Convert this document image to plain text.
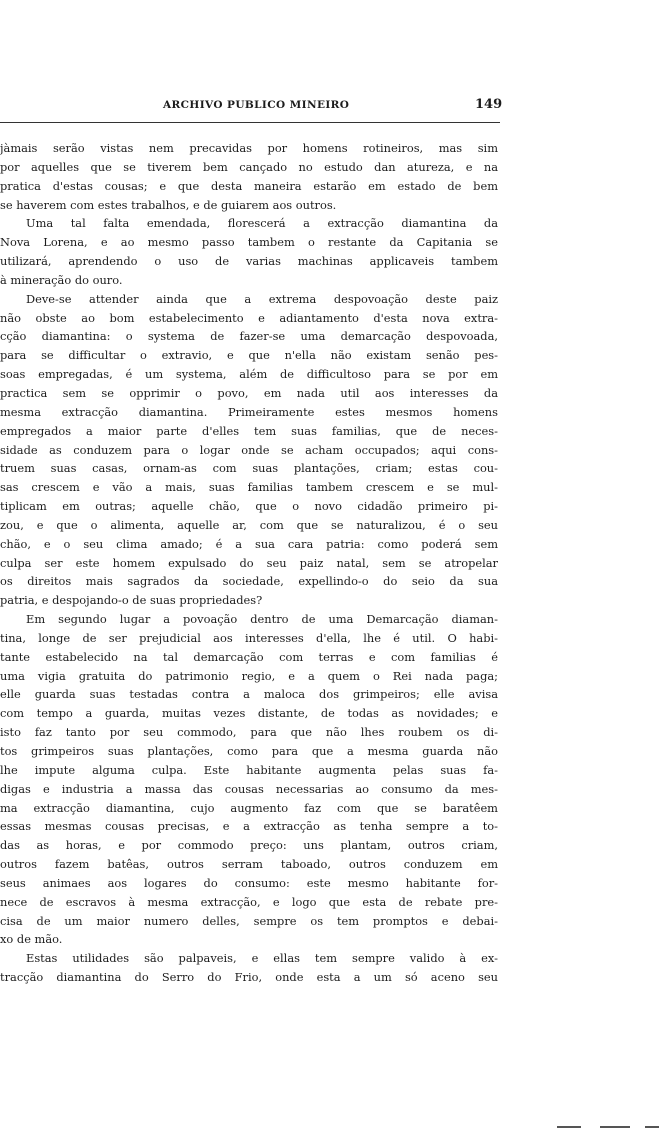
ARCHIVO PUBLICO MINEIRO	149
jàmais serão vistas nem precavidas por homens rotineiros, mas sim
por aquelles que se tiverem bem cançado no estudo dan atureza, e na
pratica d'estas cousas; e que desta maneira estarão em estado de bem
se haverem com estes trabalhos, e de guiarem aos outros.
Uma tal falta emendada, florescerá a extracção diamantina da
Nova Lorena, e ao mesmo passo tambem o restante da Capitania se
utilizará, aprendendo o uso de varias machinas applicaveis tambem
à mineração do ouro.
Deve-se attender ainda que a extrema despovoação deste paiz
não obste ao bom estabelecimento e adiantamento d'esta nova extra-
cção diamantina: o systema de fazer-se uma demarcação despovoada,
para se difficultar o extravio, e que n'ella não existam senão pes-
soas empregadas, é um systema, além de difficultoso para se por em
practica sem se opprimir o povo, em nada util aos interesses da
mesma extracção diamantina. Primeiramente estes mesmos homens
empregados a maior parte d'elles tem suas familias, que de neces-
sidade as conduzem para o logar onde se acham occupados; aqui cons-
truem suas casas, ornam-as com suas plantações, criam; estas cou-
sas crescem e vão a mais, suas familias tambem crescem e se mul-
tiplicam em outras; aquelle chão, que o novo cidadão primeiro pi-
zou, e que o alimenta, aquelle ar, com que se naturalizou, é o seu
chão, e o seu clima amado; é a sua cara patria: como poderá sem
culpa ser este homem expulsado do seu paiz natal, sem se atropelar
os direitos mais sagrados da sociedade, expellindo-o do seio da sua
patria, e despojando-o de suas propriedades?
Em segundo lugar a povoação dentro de uma Demarcação diaman-
tina, longe de ser prejudicial aos interesses d'ella, lhe é util. O habi-
tante estabelecido na tal demarcação com terras e com familias é
uma vigia gratuita do patrimonio regio, e a quem o Rei nada paga;
elle guarda suas testadas contra a maloca dos grimpeiros; elle avisa
com tempo a guarda, muitas vezes distante, de todas as novidades; e
isto faz tanto por seu commodo, para que não lhes roubem os di-
tos grimpeiros suas plantações, como para que a mesma guarda não
lhe impute alguma culpa. Este habitante augmenta pelas suas fa-
digas e industria a massa das cousas necessarias ao consumo da mes-
ma extracção diamantina, cujo augmento faz com que se baratêem
essas mesmas cousas precisas, e a extracção as tenha sempre a to-
das as horas, e por commodo preço: uns plantam, outros criam,
outros fazem batêas, outros serram taboado, outros conduzem em
seus animaes aos logares do consumo: este mesmo habitante for-
nece de escravos à mesma extracção, e logo que esta de rebate pre-
cisa de um maior numero delles, sempre os tem promptos e debai-
xo de mão.
Estas utilidades são palpaveis, e ellas tem sempre valido à ex-
tracção diamantina do Serro do Frio, onde esta a um só aceno seu
